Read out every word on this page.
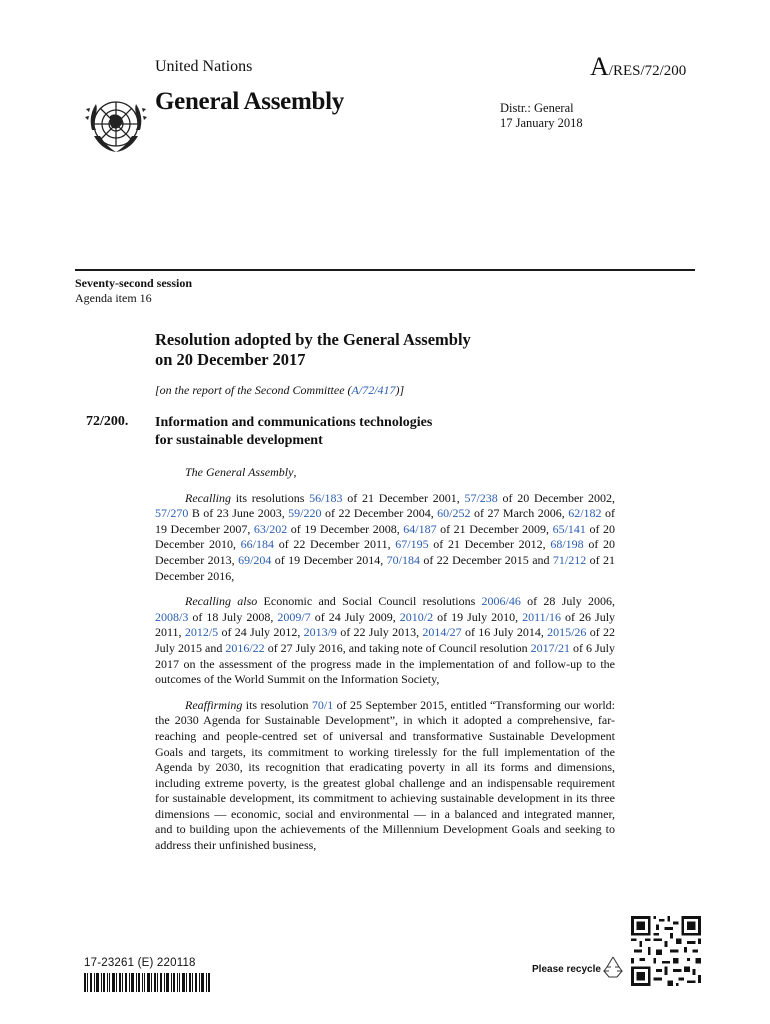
United Nations	A/RES/72/200
General Assembly	Distr.: General
17 January 2018
Seventy-second session
Agenda item 16
Resolution adopted by the General Assembly
on 20 December 2017
[on the report of the Second Committee (A/72/417)]
72/200. Information and communications technologies
for sustainable development

The General Assembly,

Recalling its resolutions 56/183 of 21 December 2001, 57/238 of 20 December 2002, 57/270 B of 23 June 2003, 59/220 of 22 December 2004, 60/252 of 27 March 2006, 62/182 of 19 December 2007, 63/202 of 19 December 2008, 64/187 of 21 December 2009, 65/141 of 20 December 2010, 66/184 of 22 December 2011, 67/195 of 21 December 2012, 68/198 of 20 December 2013, 69/204 of 19 December 2014, 70/184 of 22 December 2015 and 71/212 of 21 December 2016,

Recalling also Economic and Social Council resolutions 2006/46 of 28 July 2006, 2008/3 of 18 July 2008, 2009/7 of 24 July 2009, 2010/2 of 19 July 2010, 2011/16 of 26 July 2011, 2012/5 of 24 July 2012, 2013/9 of 22 July 2013, 2014/27 of 16 July 2014, 2015/26 of 22 July 2015 and 2016/22 of 27 July 2016, and taking note of Council resolution 2017/21 of 6 July 2017 on the assessment of the progress made in the implementation of and follow-up to the outcomes of the World Summit on the Information Society,

Reaffirming its resolution 70/1 of 25 September 2015, entitled “Transforming our world: the 2030 Agenda for Sustainable Development”, in which it adopted a comprehensive, far-reaching and people-centred set of universal and transformative Sustainable Development Goals and targets, its commitment to working tirelessly for the full implementation of the Agenda by 2030, its recognition that eradicating poverty in all its forms and dimensions, including extreme poverty, is the greatest global challenge and an indispensable requirement for sustainable development, its commitment to achieving sustainable development in its three dimensions — economic, social and environmental — in a balanced and integrated manner, and to building upon the achievements of the Millennium Development Goals and seeking to address their unfinished business,

17-23261 (E) 220118
Please recycle
